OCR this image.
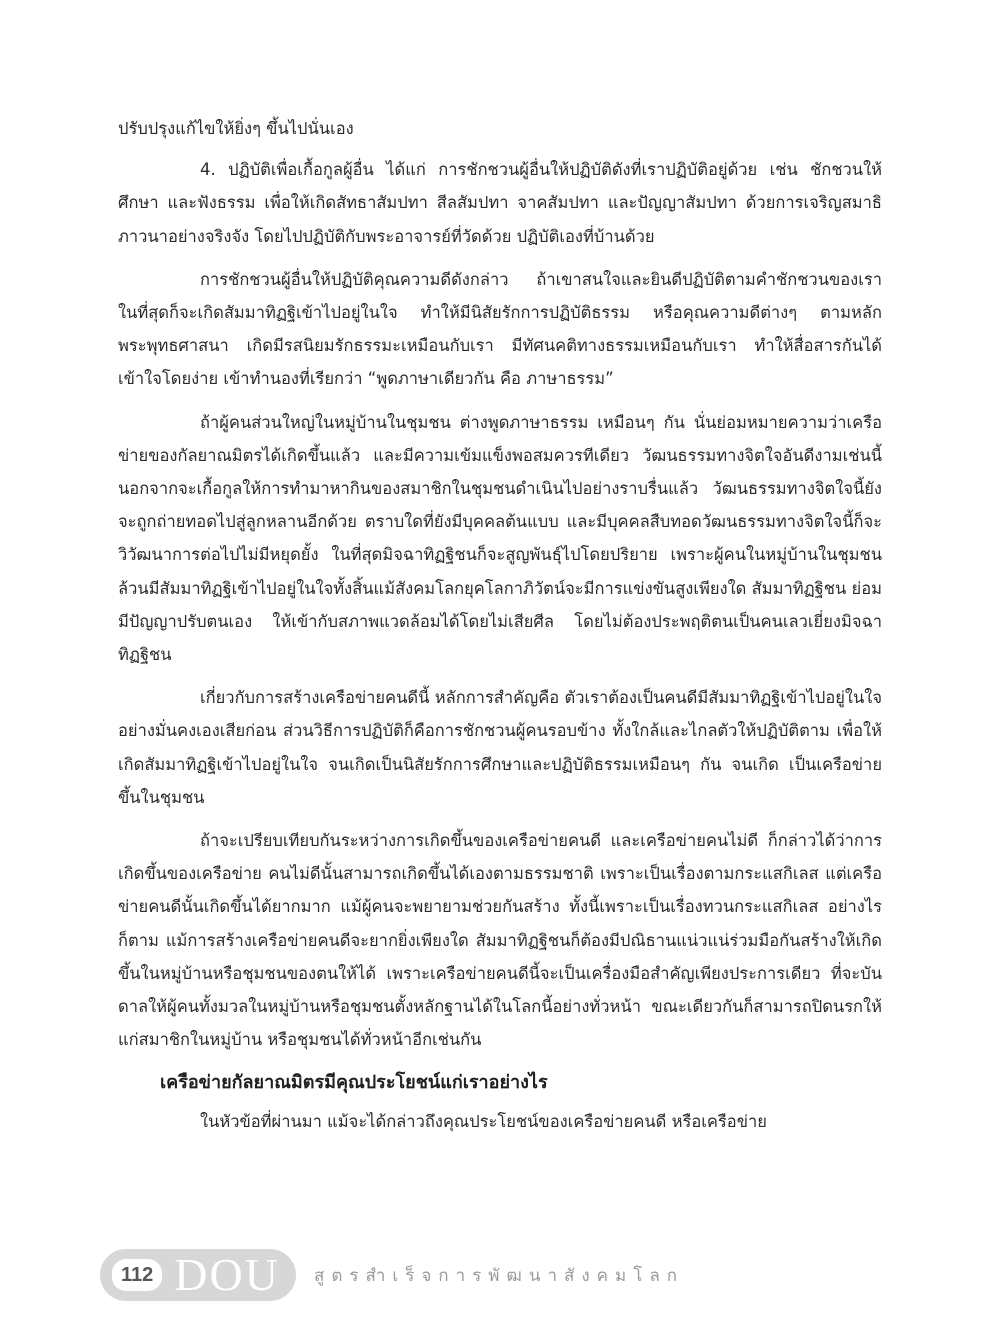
ปรับปรุงแก้ไขให้ยิ่งๆ ขึ้นไปนั่นเอง

4. ปฏิบัติเพื่อเกื้อกูลผู้อื่น ได้แก่ การชักชวนผู้อื่นให้ปฏิบัติดังที่เราปฏิบัติอยู่ด้วย เช่น ชักชวนให้ศึกษา และฟังธรรม เพื่อให้เกิดสัทธาสัมปทา สีลสัมปทา จาคสัมปทา และปัญญาสัมปทา ด้วยการเจริญสมาธิภาวนาอย่างจริงจัง โดยไปปฏิบัติกับพระอาจารย์ที่วัดด้วย ปฏิบัติเองที่บ้านด้วย

การชักชวนผู้อื่นให้ปฏิบัติคุณความดีดังกล่าว ถ้าเขาสนใจและยินดีปฏิบัติตามคำชักชวนของเรา ในที่สุดก็จะเกิดสัมมาทิฏฐิเข้าไปอยู่ในใจ ทำให้มีนิสัยรักการปฏิบัติธรรม หรือคุณความดีต่างๆ ตามหลักพระพุทธศาสนา เกิดมีรสนิยมรักธรรมะเหมือนกับเรา มีทัศนคติทางธรรมเหมือนกับเรา ทำให้สื่อสารกันได้เข้าใจโดยง่าย เข้าทำนองที่เรียกว่า “พูดภาษาเดียวกัน คือ ภาษาธรรม”

ถ้าผู้คนส่วนใหญ่ในหมู่บ้านในชุมชน ต่างพูดภาษาธรรม เหมือนๆ กัน นั่นย่อมหมายความว่าเครือข่ายของกัลยาณมิตรได้เกิดขึ้นแล้ว และมีความเข้มแข็งพอสมควรทีเดียว วัฒนธรรมทางจิตใจอันดีงามเช่นนี้ นอกจากจะเกื้อกูลให้การทำมาหากินของสมาชิกในชุมชนดำเนินไปอย่างราบรื่นแล้ว วัฒนธรรมทางจิตใจนี้ยังจะถูกถ่ายทอดไปสู่ลูกหลานอีกด้วย ตราบใดที่ยังมีบุคคลต้นแบบ และมีบุคคลสืบทอดวัฒนธรรมทางจิตใจนี้ก็จะวิวัฒนาการต่อไปไม่มีหยุดยั้ง ในที่สุดมิจฉาทิฏฐิชนก็จะสูญพันธุ์ไปโดยปริยาย เพราะผู้คนในหมู่บ้านในชุมชนล้วนมีสัมมาทิฏฐิเข้าไปอยู่ในใจทั้งสิ้นแม้สังคมโลกยุคโลกาภิวัตน์จะมีการแข่งขันสูงเพียงใด สัมมาทิฏฐิชน ย่อมมีปัญญาปรับตนเอง ให้เข้ากับสภาพแวดล้อมได้โดยไม่เสียศีล โดยไม่ต้องประพฤติตนเป็นคนเลวเยี่ยงมิจฉาทิฏฐิชน

เกี่ยวกับการสร้างเครือข่ายคนดีนี้ หลักการสำคัญคือ ตัวเราต้องเป็นคนดีมีสัมมาทิฏฐิเข้าไปอยู่ในใจอย่างมั่นคงเองเสียก่อน ส่วนวิธีการปฏิบัติก็คือการชักชวนผู้คนรอบข้าง ทั้งใกล้และไกลตัวให้ปฏิบัติตาม เพื่อให้เกิดสัมมาทิฏฐิเข้าไปอยู่ในใจ จนเกิดเป็นนิสัยรักการศึกษาและปฏิบัติธรรมเหมือนๆ กัน จนเกิด เป็นเครือข่ายขึ้นในชุมชน

ถ้าจะเปรียบเทียบกันระหว่างการเกิดขึ้นของเครือข่ายคนดี และเครือข่ายคนไม่ดี ก็กล่าวได้ว่าการเกิดขึ้นของเครือข่าย คนไม่ดีนั้นสามารถเกิดขึ้นได้เองตามธรรมชาติ เพราะเป็นเรื่องตามกระแสกิเลส แต่เครือข่ายคนดีนั้นเกิดขึ้นได้ยากมาก แม้ผู้คนจะพยายามช่วยกันสร้าง ทั้งนี้เพราะเป็นเรื่องทวนกระแสกิเลส อย่างไรก็ตาม แม้การสร้างเครือข่ายคนดีจะยากยิ่งเพียงใด สัมมาทิฏฐิชนก็ต้องมีปณิธานแน่วแน่ร่วมมือกันสร้างให้เกิดขึ้นในหมู่บ้านหรือชุมชนของตนให้ได้ เพราะเครือข่ายคนดีนี้จะเป็นเครื่องมือสำคัญเพียงประการเดียว ที่จะบันดาลให้ผู้คนทั้งมวลในหมู่บ้านหรือชุมชนตั้งหลักฐานได้ในโลกนี้อย่างทั่วหน้า ขณะเดียวกันก็สามารถปิดนรกให้แก่สมาชิกในหมู่บ้าน หรือชุมชนได้ทั่วหน้าอีกเช่นกัน

เครือข่ายกัลยาณมิตรมีคุณประโยชน์แก่เราอย่างไร

ในหัวข้อที่ผ่านมา แม้จะได้กล่าวถึงคุณประโยชน์ของเครือข่ายคนดี หรือเครือข่าย

112 DOU สูตรสำเร็จการพัฒนาสังคมโลก
